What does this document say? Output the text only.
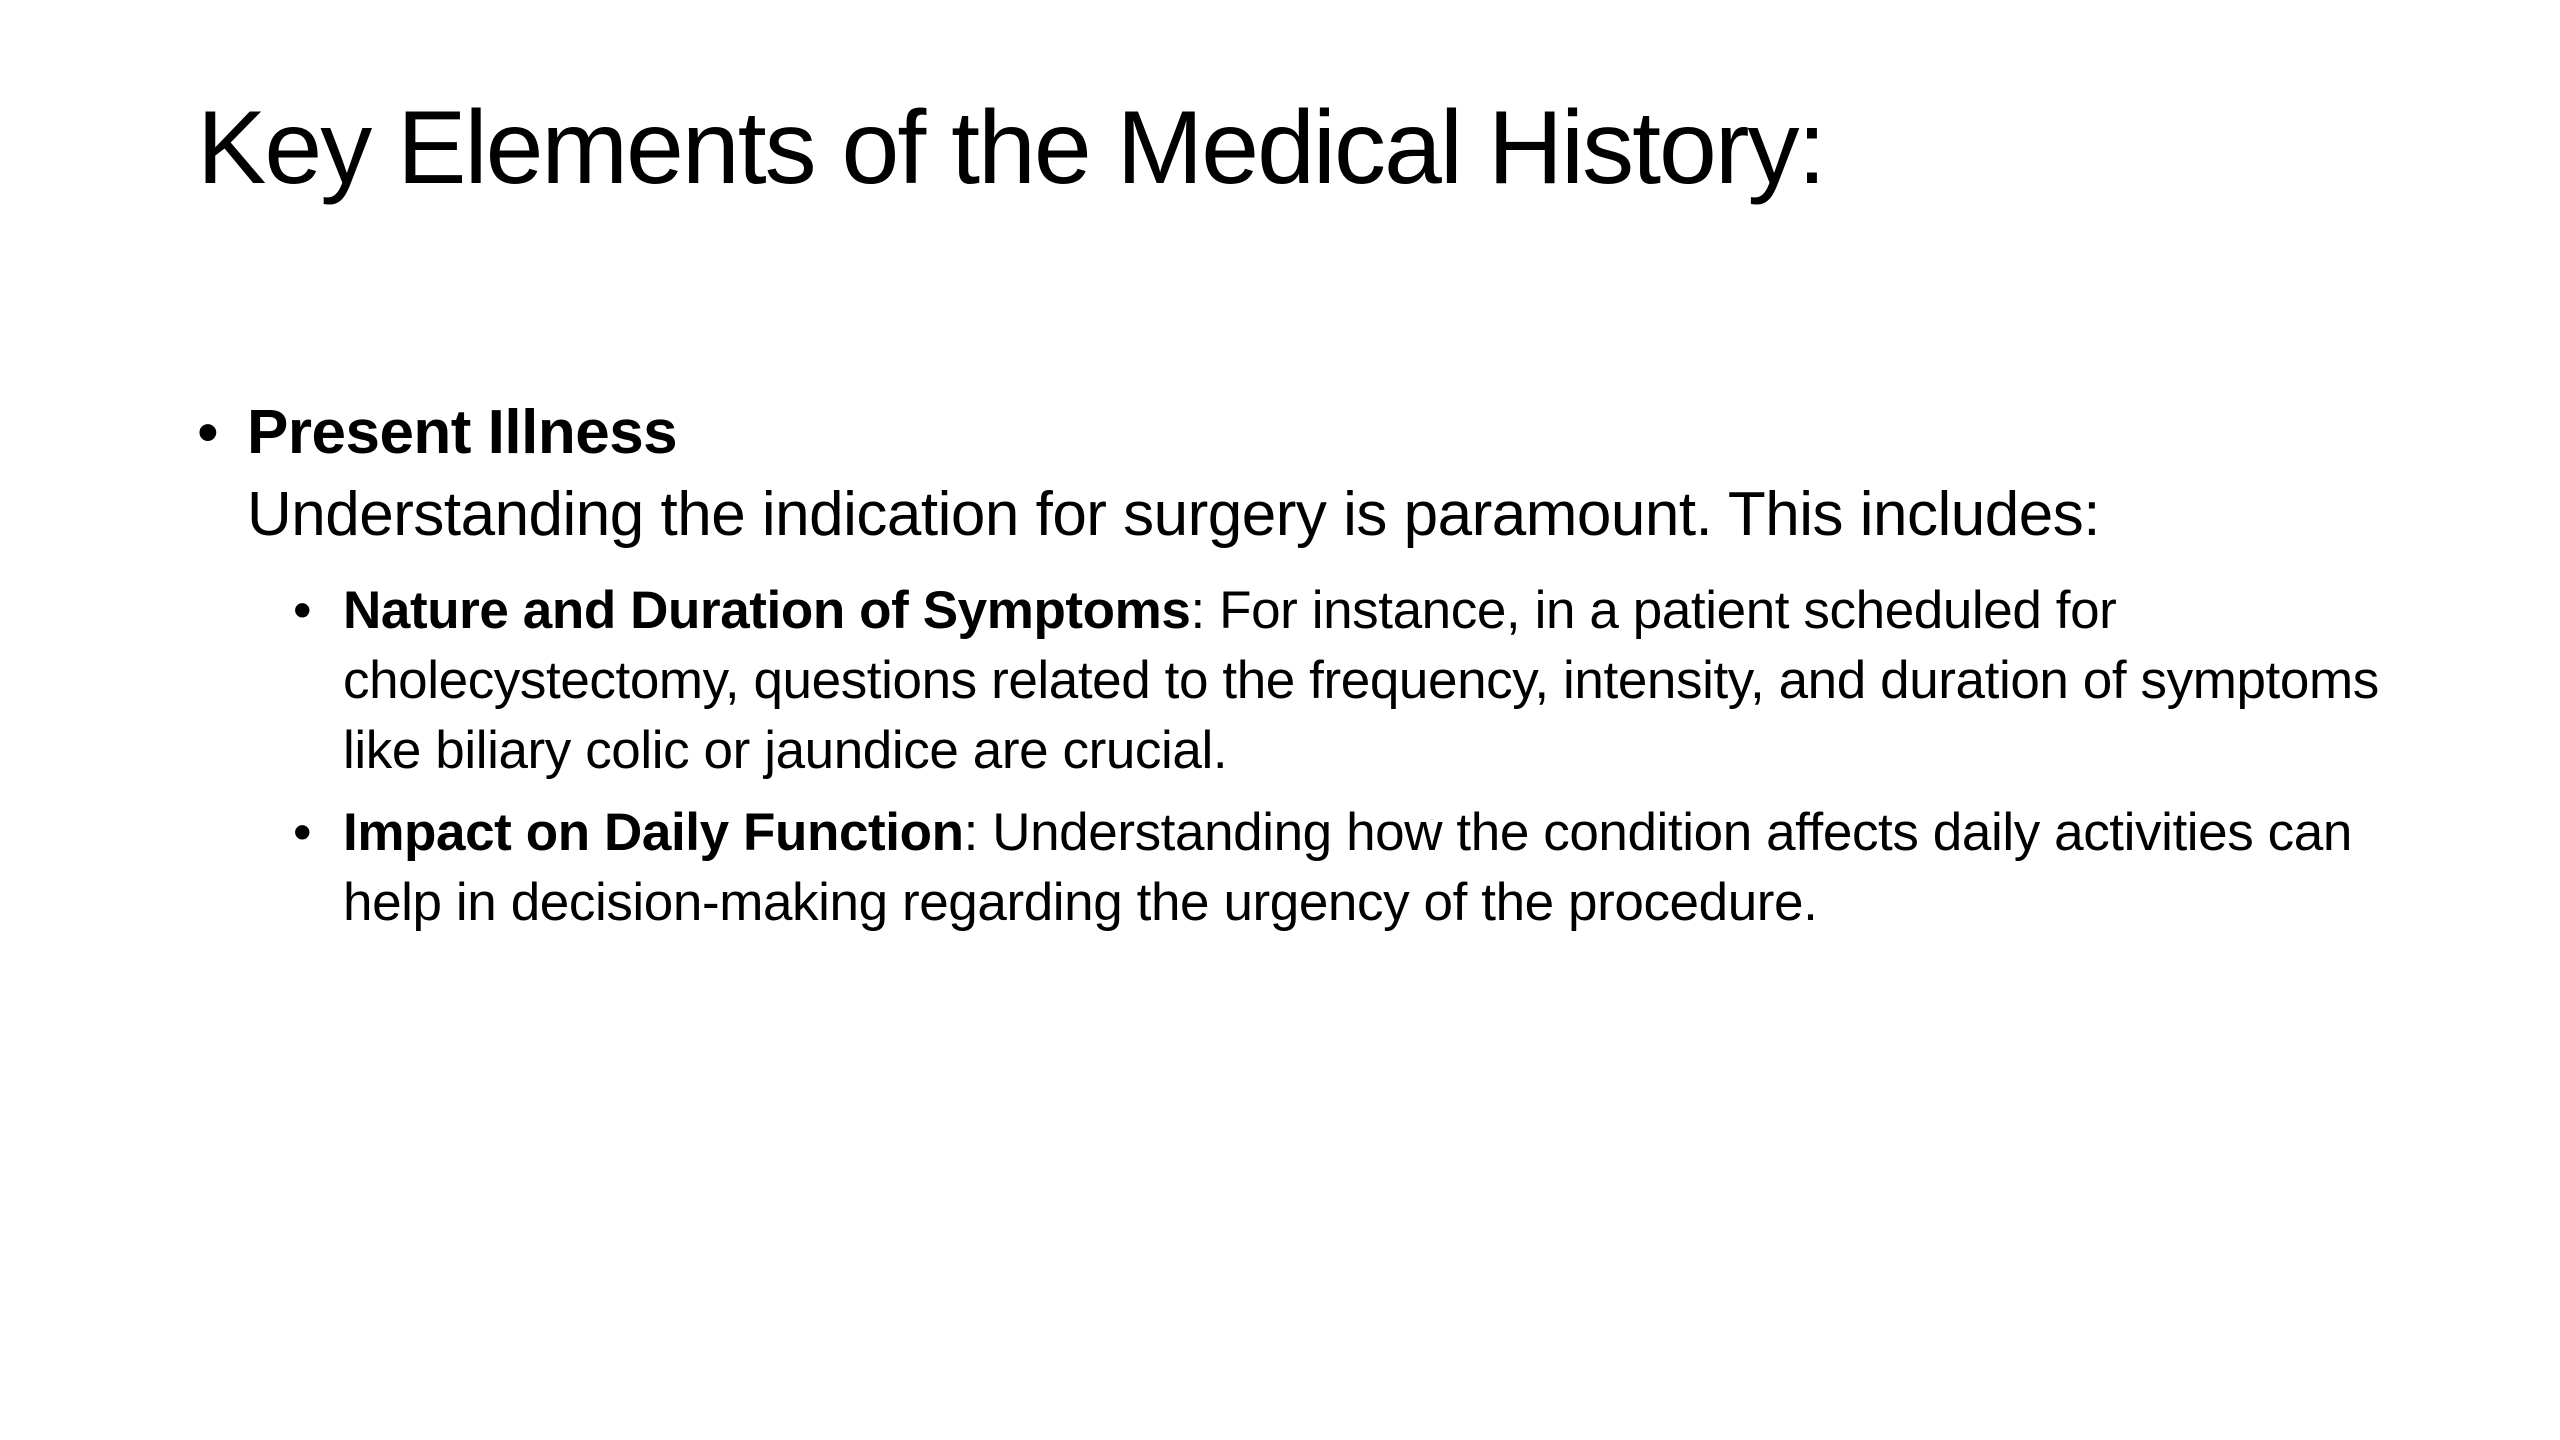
Key Elements of the Medical History:
• Present Illness
Understanding the indication for surgery is paramount. This includes:
• Nature and Duration of Symptoms: For instance, in a patient scheduled for cholecystectomy, questions related to the frequency, intensity, and duration of symptoms like biliary colic or jaundice are crucial.
• Impact on Daily Function: Understanding how the condition affects daily activities can help in decision-making regarding the urgency of the procedure.
